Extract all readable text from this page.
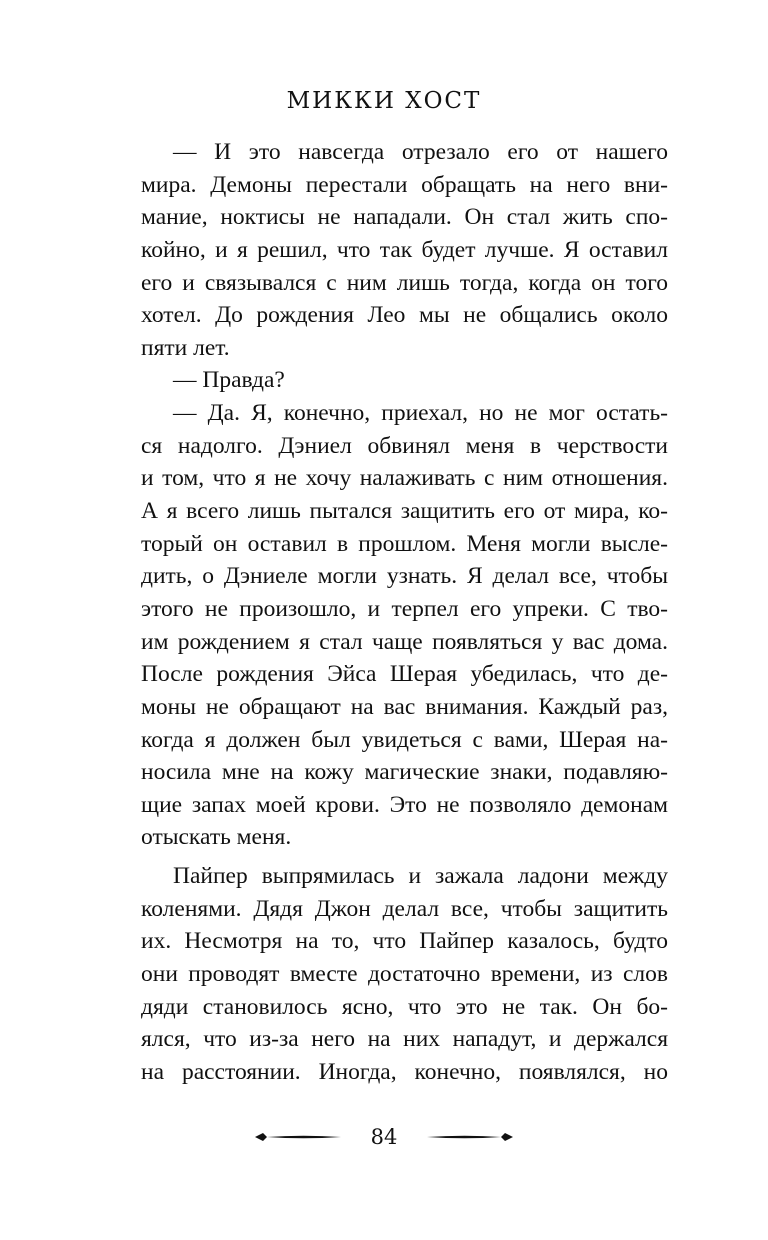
МИККИ ХОСТ
— И это навсегда отрезало его от нашего
мира. Демоны перестали обращать на него вни-
мание, ноктисы не нападали. Он стал жить спо-
койно, и я решил, что так будет лучше. Я оставил
его и связывался с ним лишь тогда, когда он того
хотел. До рождения Лео мы не общались около
пяти лет.
— Правда?
— Да. Я, конечно, приехал, но не мог остать-
ся надолго. Дэниел обвинял меня в черствости
и том, что я не хочу налаживать с ним отношения.
А я всего лишь пытался защитить его от мира, ко-
торый он оставил в прошлом. Меня могли высле-
дить, о Дэниеле могли узнать. Я делал все, чтобы
этого не произошло, и терпел его упреки. С тво-
им рождением я стал чаще появляться у вас дома.
После рождения Эйса Шерая убедилась, что де-
моны не обращают на вас внимания. Каждый раз,
когда я должен был увидеться с вами, Шерая на-
носила мне на кожу магические знаки, подавляю-
щие запах моей крови. Это не позволяло демонам
отыскать меня.
Пайпер выпрямилась и зажала ладони между
коленями. Дядя Джон делал все, чтобы защитить
их. Несмотря на то, что Пайпер казалось, будто
они проводят вместе достаточно времени, из слов
дяди становилось ясно, что это не так. Он бо-
ялся, что из-за него на них нападут, и держался
на расстоянии. Иногда, конечно, появлялся, но
84
